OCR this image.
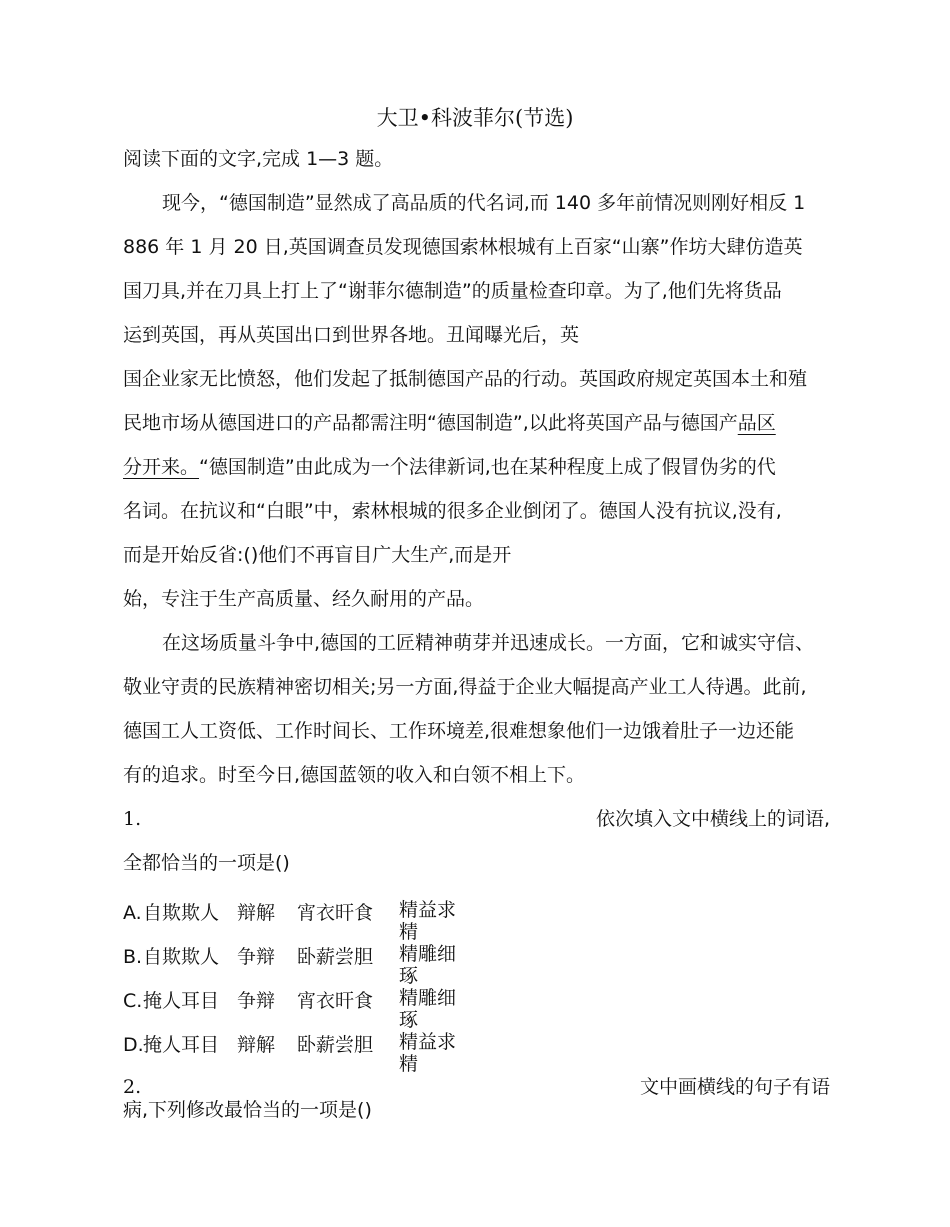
大卫•科波菲尔(节选)
阅读下面的文字,完成 1—3 题。
现今，“德国制造”显然成了高品质的代名词,而 140 多年前情况则刚好相反 1
886 年 1 月 20 日,英国调查员发现德国索林根城有上百家“山寨”作坊大肆仿造英
国刀具,并在刀具上打上了“谢菲尔德制造”的质量检查印章。为了,他们先将货品
运到英国，再从英国出口到世界各地。丑闻曝光后，英
国企业家无比愤怒，他们发起了抵制德国产品的行动。英国政府规定英国本土和殖
民地市场从德国进口的产品都需注明“德国制造”,以此将英国产品与德国产品区
分开来。“德国制造”由此成为一个法律新词,也在某种程度上成了假冒伪劣的代
名词。在抗议和“白眼”中，索林根城的很多企业倒闭了。德国人没有抗议,没有,
而是开始反省:()他们不再盲目广大生产,而是开
始，专注于生产高质量、经久耐用的产品。
在这场质量斗争中,德国的工匠精神萌芽并迅速成长。一方面，它和诚实守信、
敬业守责的民族精神密切相关;另一方面,得益于企业大幅提高产业工人待遇。此前,
德国工人工资低、工作时间长、工作环境差,很难想象他们一边饿着肚子一边还能
有的追求。时至今日,德国蓝领的收入和白领不相上下。
1.	依次填入文中横线上的词语,
全都恰当的一项是()
A. 自欺欺人 辩解 宵衣旰食 精益求精
B. 自欺欺人 争辩 卧薪尝胆 精雕细琢
C. 掩人耳目 争辩 宵衣旰食 精雕细琢
D. 掩人耳目 辩解 卧薪尝胆 精益求精
2.	文中画横线的句子有语
病,下列修改最恰当的一项是()
